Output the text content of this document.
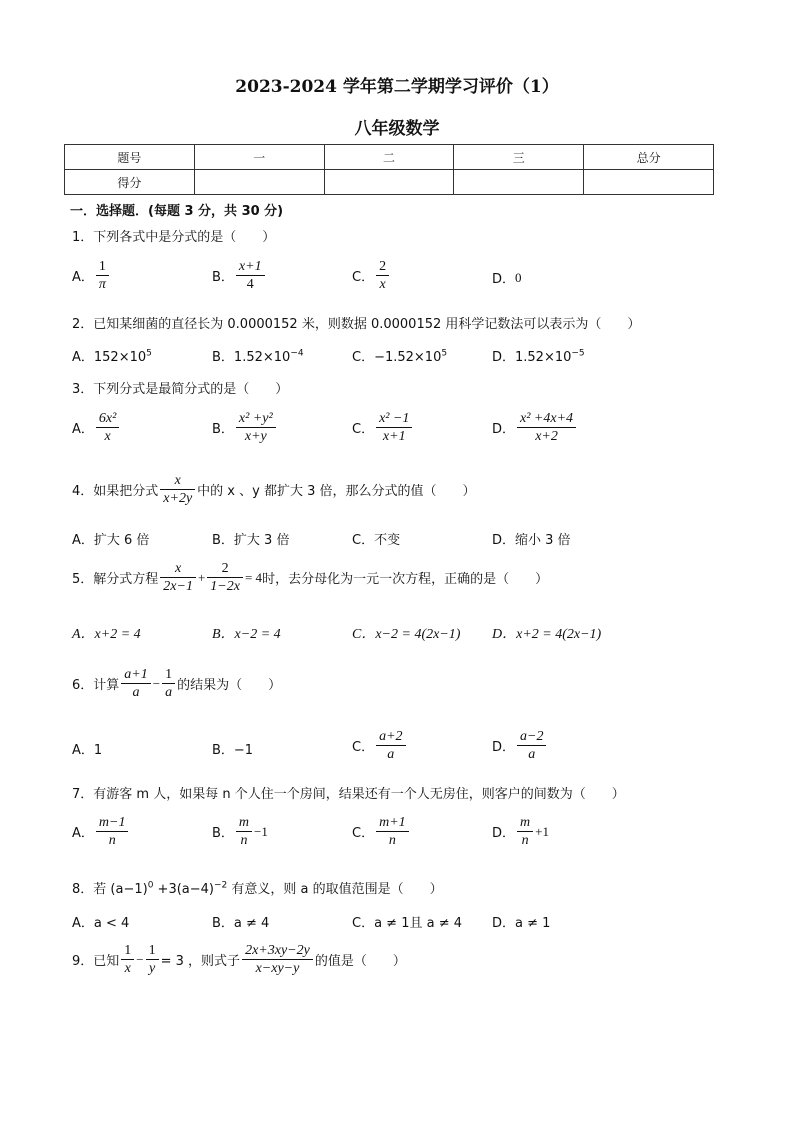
2023-2024 学年第二学期学习评价（1）
八年级数学
题号	一	二	三	总分
得分				
一．选择题．(每题 3 分，共 30 分)
1．下列各式中是分式的是（　　）
A． $\frac{1}{\pi}$	B． $\frac{x+1}{4}$	C． $\frac{2}{x}$	D． 0
2．已知某细菌的直径长为 0.0000152 米，则数据 0.0000152 用科学记数法可以表示为（　　）
A．$152\times 10^5$	B．$1.52\times 10^{-4}$	C．$-1.52\times 10^5$	D．$1.52\times 10^{-5}$
3．下列分式是最简分式的是（　　）
A． $\frac{\text{6x²}}{x}$	B． $\frac{\text{x² +y²}}{x+y}$	C． $\frac{\text{x² −1}}{x+1}$	D． $\frac{\text{x² +4x+4}}{x+2}$
4．如果把分式 $\frac{x}{x+2y}$ 中的 x 、y 都扩大 3 倍，那么分式的值（　　）
A．扩大 6 倍	B．扩大 3 倍	C．不变	D．缩小 3 倍
5．解分式方程 $\frac{x}{2x-1} + \frac{2}{1-2x} = 4$ 时，去分母化为一元一次方程，正确的是（　　）
A．x+2 = 4	B．x−2 = 4	C．x−2 = 4(2x−1) D．x+2 = 4(2x−1)
6．计算 $\frac{a+1}{a} - \frac{1}{a}$ 的结果为（　　）
A．1	B．−1	C． $\frac{a+2}{a}$	D． $\frac{a-2}{a}$
7．有游客 m 人，如果每 n 个人住一个房间，结果还有一个人无房住，则客户的间数为（　　）
A． $\frac{m-1}{n}$	B． $\frac{m}{n} -1$	C． $\frac{m+1}{n}$	D． $\frac{m}{n} +1$
8．若 $(a-1)^0 +3(a-4)^{-2}$ 有意义，则 a 的取值范围是（　　）
A．a < 4	B．a ≠ 4	C．a ≠ 1且 a ≠ 4 D．a ≠ 1
9．已知 $\frac{1}{x} - \frac{1}{y} = 3$ ，则式子 $\frac{2x+3xy-2y}{x-xy-y}$ 的值是（　　）
